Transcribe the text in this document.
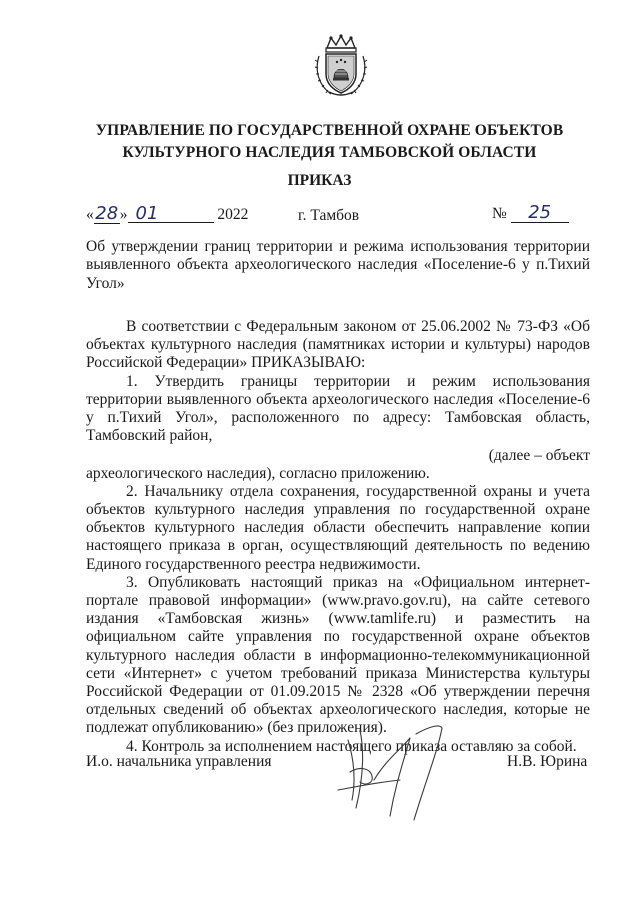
УПРАВЛЕНИЕ ПО ГОСУДАРСТВЕННОЙ ОХРАНЕ ОБЪЕКТОВ
КУЛЬТУРНОГО НАСЛЕДИЯ ТАМБОВСКОЙ ОБЛАСТИ
ПРИКАЗ
«28» 01	2022	г. Тамбов	№ 25
Об утверждении границ территории и режима использования территории выявленного объекта археологического наследия «Поселение-6 у п.Тихий Угол»

В соответствии с Федеральным законом от 25.06.2002 № 73-ФЗ «Об объектах культурного наследия (памятниках истории и культуры) народов Российской Федерации» ПРИКАЗЫВАЮ:

1. Утвердить границы территории и режим использования территории выявленного объекта археологического наследия «Поселение-6 у п.Тихий Угол», расположенного по адресу: Тамбовская область, Тамбовский район,
(далее – объект

археологического наследия), согласно приложению.

2. Начальнику отдела сохранения, государственной охраны и учета объектов культурного наследия управления по государственной охране объектов культурного наследия области обеспечить направление копии настоящего приказа в орган, осуществляющий деятельность по ведению Единого государственного реестра недвижимости.

3. Опубликовать настоящий приказ на «Официальном интернет-портале правовой информации» (www.pravo.gov.ru), на сайте сетевого издания «Тамбовская жизнь» (www.tamlife.ru) и разместить на официальном сайте управления по государственной охране объектов культурного наследия области в информационно-телекоммуникационной сети «Интернет» с учетом требований приказа Министерства культуры Российской Федерации от 01.09.2015 № 2328 «Об утверждении перечня отдельных сведений об объектах археологического наследия, которые не подлежат опубликованию» (без приложения).

4. Контроль за исполнением настоящего приказа оставляю за собой.

И.о. начальника управления	Н.В. Юрина
